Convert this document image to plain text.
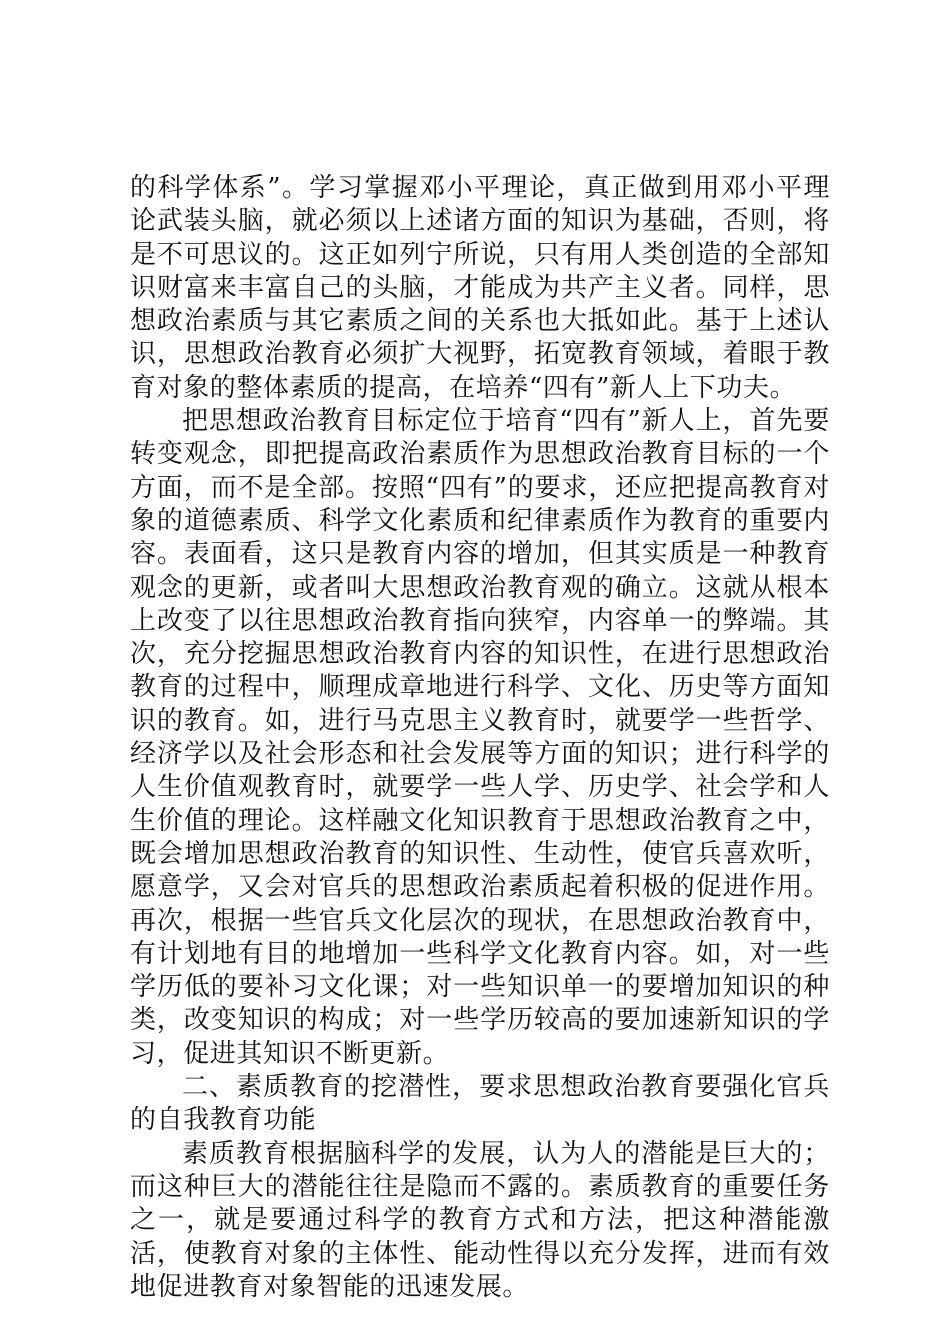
的科学体系”。学习掌握邓小平理论，真正做到用邓小平理论武装头脑，就必须以上述诸方面的知识为基础，否则，将是不可思议的。这正如列宁所说，只有用人类创造的全部知识财富来丰富自己的头脑，才能成为共产主义者。同样，思想政治素质与其它素质之间的关系也大抵如此。基于上述认识，思想政治教育必须扩大视野，拓宽教育领域，着眼于教育对象的整体素质的提高，在培养“四有”新人上下功夫。

把思想政治教育目标定位于培育“四有”新人上，首先要转变观念，即把提高政治素质作为思想政治教育目标的一个方面，而不是全部。按照“四有”的要求，还应把提高教育对象的道德素质、科学文化素质和纪律素质作为教育的重要内容。表面看，这只是教育内容的增加，但其实质是一种教育观念的更新，或者叫大思想政治教育观的确立。这就从根本上改变了以往思想政治教育指向狭窄，内容单一的弊端。其次，充分挖掘思想政治教育内容的知识性，在进行思想政治教育的过程中，顺理成章地进行科学、文化、历史等方面知识的教育。如，进行马克思主义教育时，就要学一些哲学、经济学以及社会形态和社会发展等方面的知识；进行科学的人生价值观教育时，就要学一些人学、历史学、社会学和人生价值的理论。这样融文化知识教育于思想政治教育之中，既会增加思想政治教育的知识性、生动性，使官兵喜欢听，愿意学，又会对官兵的思想政治素质起着积极的促进作用。再次，根据一些官兵文化层次的现状，在思想政治教育中，有计划地有目的地增加一些科学文化教育内容。如，对一些学历低的要补习文化课；对一些知识单一的要增加知识的种类，改变知识的构成；对一些学历较高的要加速新知识的学习，促进其知识不断更新。

二、素质教育的挖潜性，要求思想政治教育要强化官兵的自我教育功能

素质教育根据脑科学的发展，认为人的潜能是巨大的；而这种巨大的潜能往往是隐而不露的。素质教育的重要任务之一，就是要通过科学的教育方式和方法，把这种潜能激活，使教育对象的主体性、能动性得以充分发挥，进而有效地促进教育对象智能的迅速发展。
